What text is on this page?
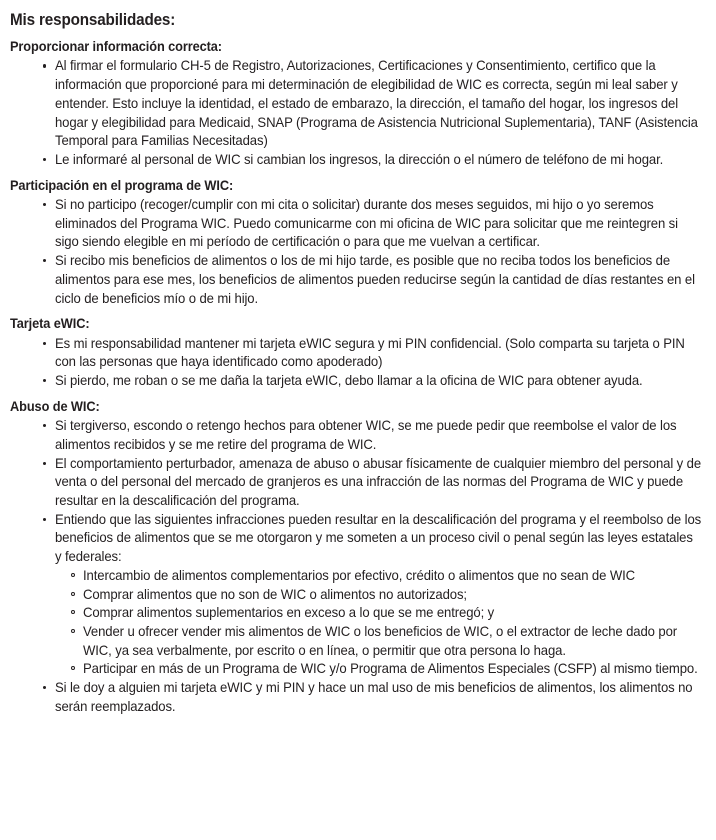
Mis responsabilidades:
Proporcionar información correcta:
Al firmar el formulario CH-5 de Registro, Autorizaciones, Certificaciones y Consentimiento, certifico que la información que proporcioné para mi determinación de elegibilidad de WIC es correcta, según mi leal saber y entender. Esto incluye la identidad, el estado de embarazo, la dirección, el tamaño del hogar, los ingresos del hogar y elegibilidad para Medicaid, SNAP (Programa de Asistencia Nutricional Suplementaria), TANF (Asistencia Temporal para Familias Necesitadas)
Le informaré al personal de WIC si cambian los ingresos, la dirección o el número de teléfono de mi hogar.
Participación en el programa de WIC:
Si no participo (recoger/cumplir con mi cita o solicitar) durante dos meses seguidos, mi hijo o yo seremos eliminados del Programa WIC. Puedo comunicarme con mi oficina de WIC para solicitar que me reintegren si sigo siendo elegible en mi período de certificación o para que me vuelvan a certificar.
Si recibo mis beneficios de alimentos o los de mi hijo tarde, es posible que no reciba todos los beneficios de alimentos para ese mes, los beneficios de alimentos pueden reducirse según la cantidad de días restantes en el ciclo de beneficios mío o de mi hijo.
Tarjeta eWIC:
Es mi responsabilidad mantener mi tarjeta eWIC segura y mi PIN confidencial. (Solo comparta su tarjeta o PIN con las personas que haya identificado como apoderado)
Si pierdo, me roban o se me daña la tarjeta eWIC, debo llamar a la oficina de WIC para obtener ayuda.
Abuso de WIC:
Si tergiverso, escondo o retengo hechos para obtener WIC, se me puede pedir que reembolse el valor de los alimentos recibidos y se me retire del programa de WIC.
El comportamiento perturbador, amenaza de abuso o abusar físicamente de cualquier miembro del personal y de venta o del personal del mercado de granjeros es una infracción de las normas del Programa de WIC y puede resultar en la descalificación del programa.
Entiendo que las siguientes infracciones pueden resultar en la descalificación del programa y el reembolso de los beneficios de alimentos que se me otorgaron y me someten a un proceso civil o penal según las leyes estatales y federales:
Intercambio de alimentos complementarios por efectivo, crédito o alimentos que no sean de WIC
Comprar alimentos que no son de WIC o alimentos no autorizados;
Comprar alimentos suplementarios en exceso a lo que se me entregó; y
Vender u ofrecer vender mis alimentos de WIC o los beneficios de WIC, o el extractor de leche dado por WIC, ya sea verbalmente, por escrito o en línea, o permitir que otra persona lo haga.
Participar en más de un Programa de WIC y/o Programa de Alimentos Especiales (CSFP) al mismo tiempo.
Si le doy a alguien mi tarjeta eWIC y mi PIN y hace un mal uso de mis beneficios de alimentos, los alimentos no serán reemplazados.
